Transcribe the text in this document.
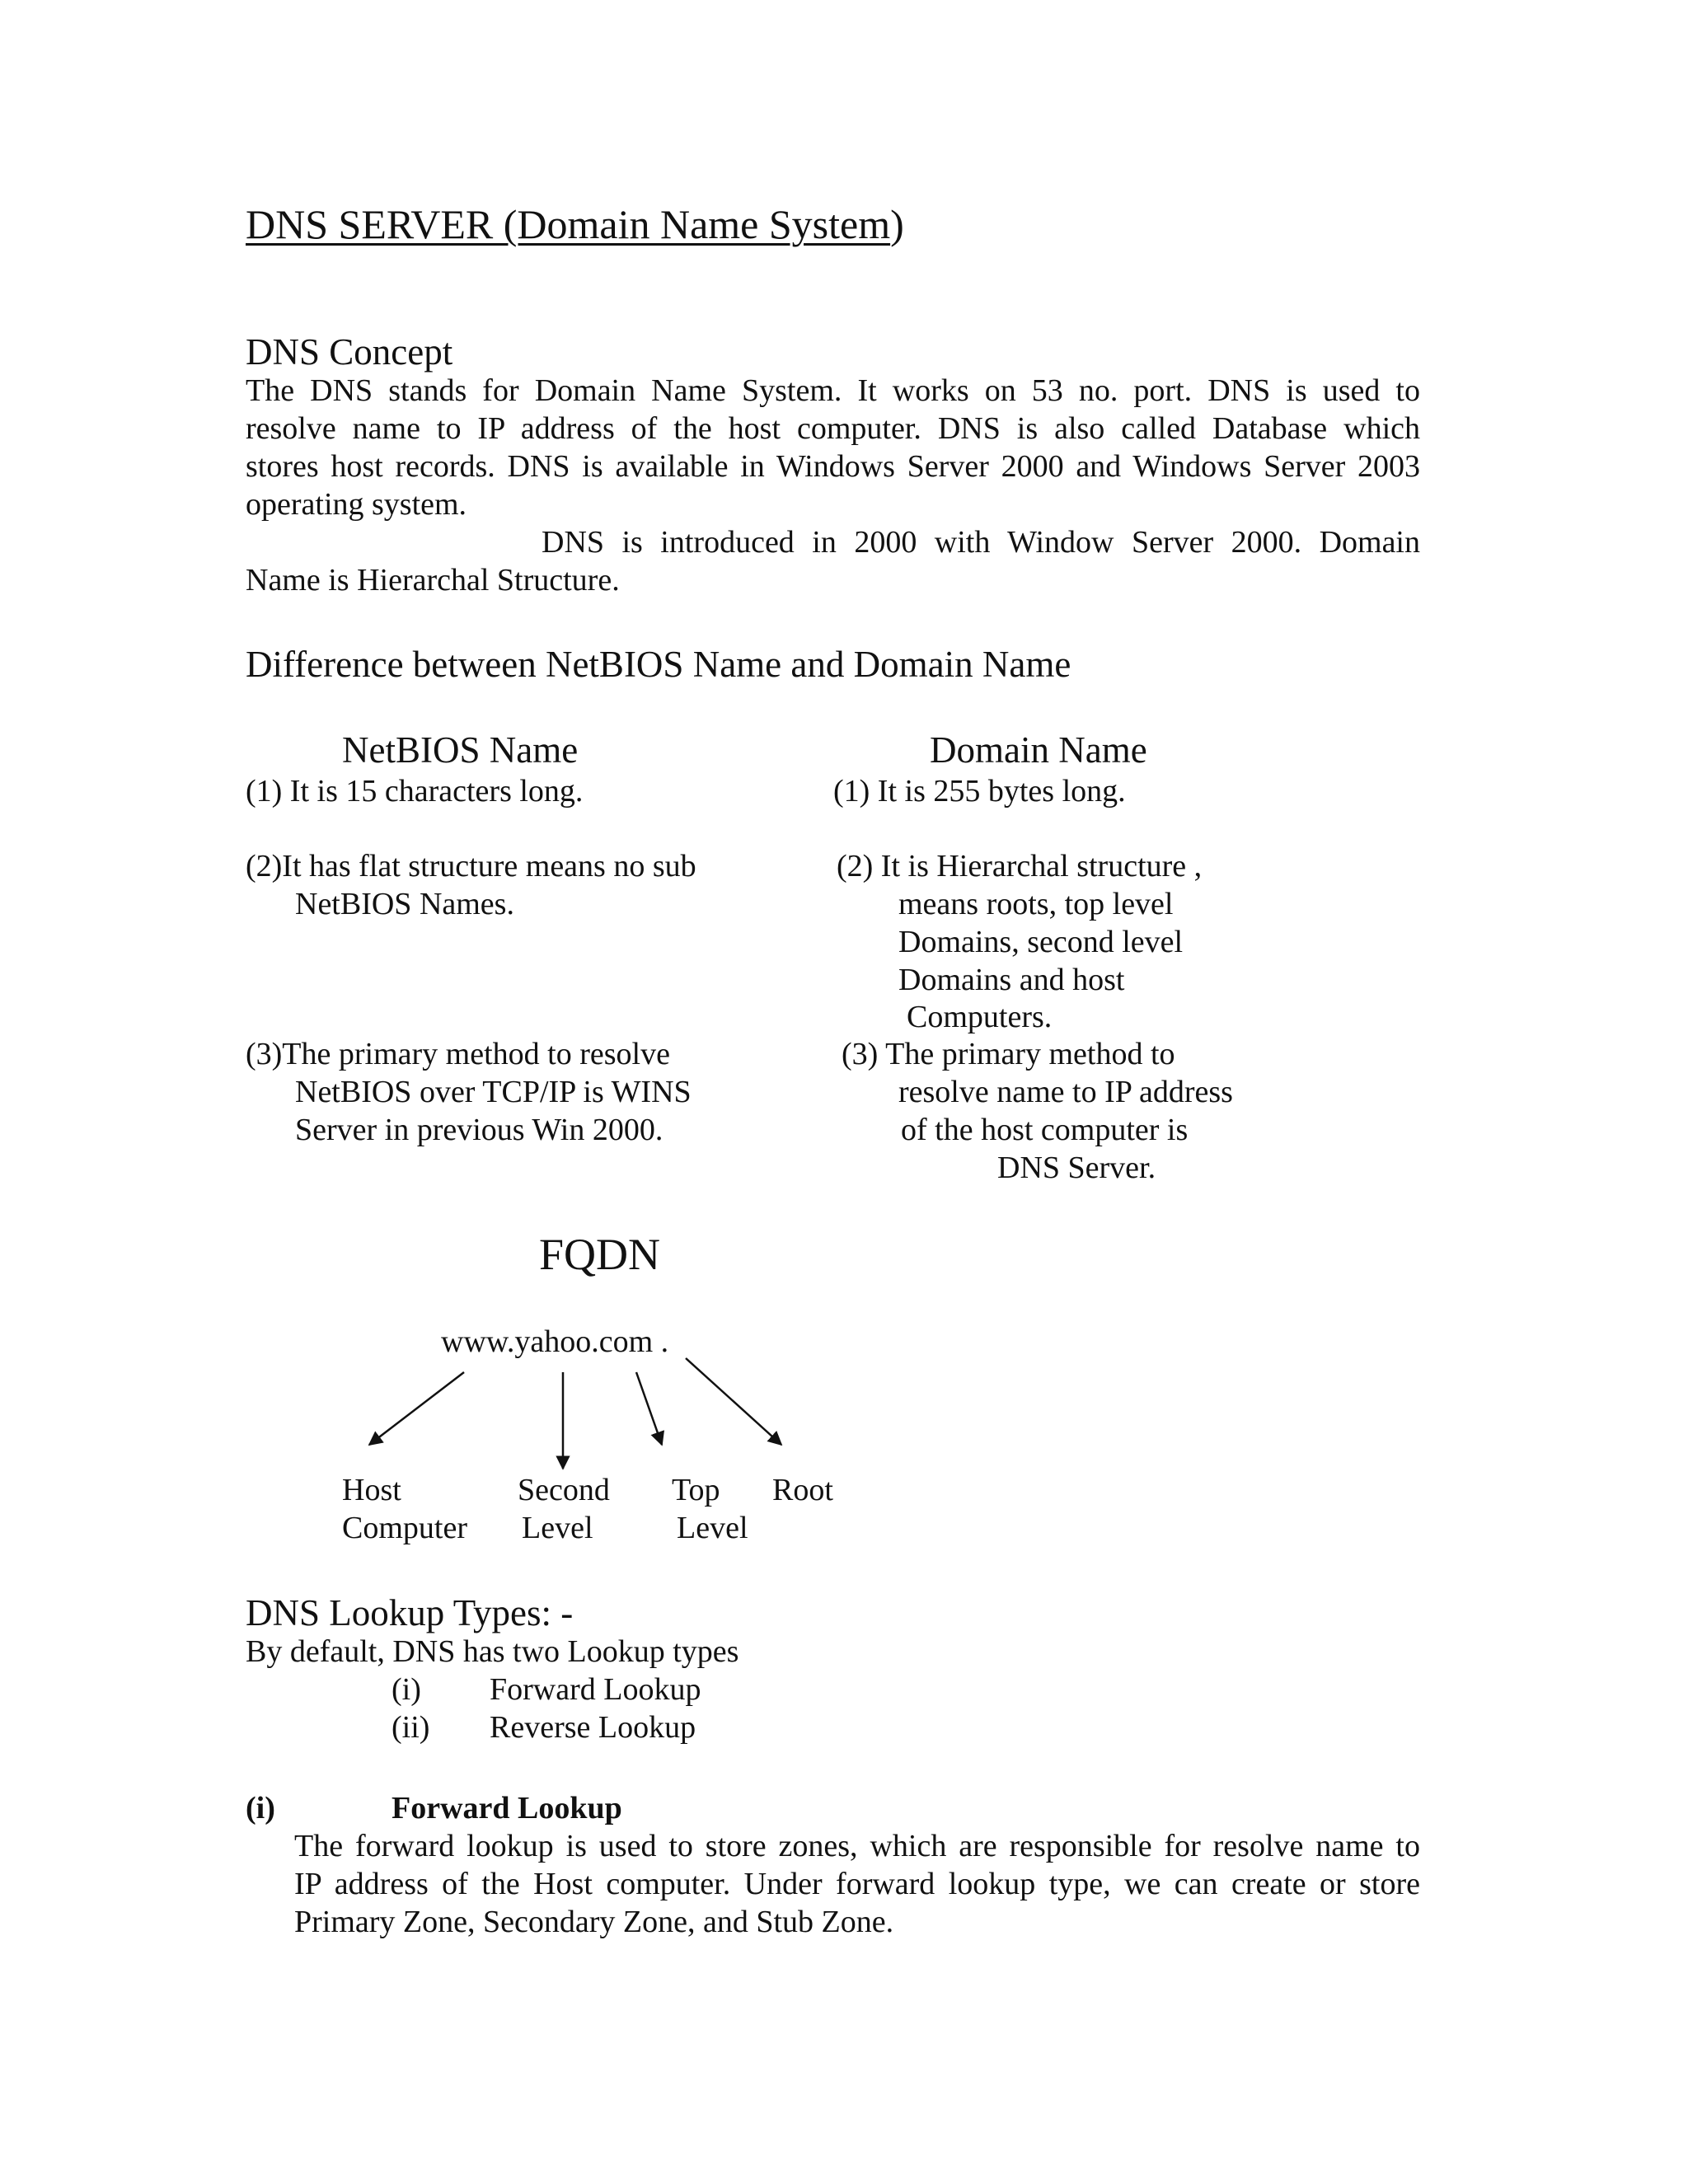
DNS SERVER (Domain Name System)
DNS Concept
The DNS stands for Domain Name System. It works on 53 no. port. DNS is used to
resolve name to IP address of the host computer. DNS is also called Database which
stores host records. DNS is available in Windows Server 2000 and Windows Server 2003
operating system.
DNS is introduced in 2000 with Window Server 2000. Domain
Name is Hierarchal Structure.
Difference between NetBIOS Name and Domain Name
NetBIOS Name	Domain Name
(1) It is 15 characters long.
(2)It has flat structure means no sub
NetBIOS Names.
(3)The primary method to resolve
NetBIOS over TCP/IP is WINS
Server in previous Win 2000.
(1) It is 255 bytes long.
(2) It is Hierarchal structure ,
means roots, top level
Domains, second level
Domains and host
Computers.
(3) The primary method to
resolve name to IP address
of the host computer is
DNS Server.
FQDN
www.yahoo.com .
Host
Computer
Second
Level
Top
Level
Root
DNS Lookup Types: -
By default, DNS has two Lookup types
(i) Forward Lookup
(ii) Reverse Lookup
(i)	Forward Lookup
The forward lookup is used to store zones, which are responsible for resolve name to
IP address of the Host computer. Under forward lookup type, we can create or store
Primary Zone, Secondary Zone, and Stub Zone.
